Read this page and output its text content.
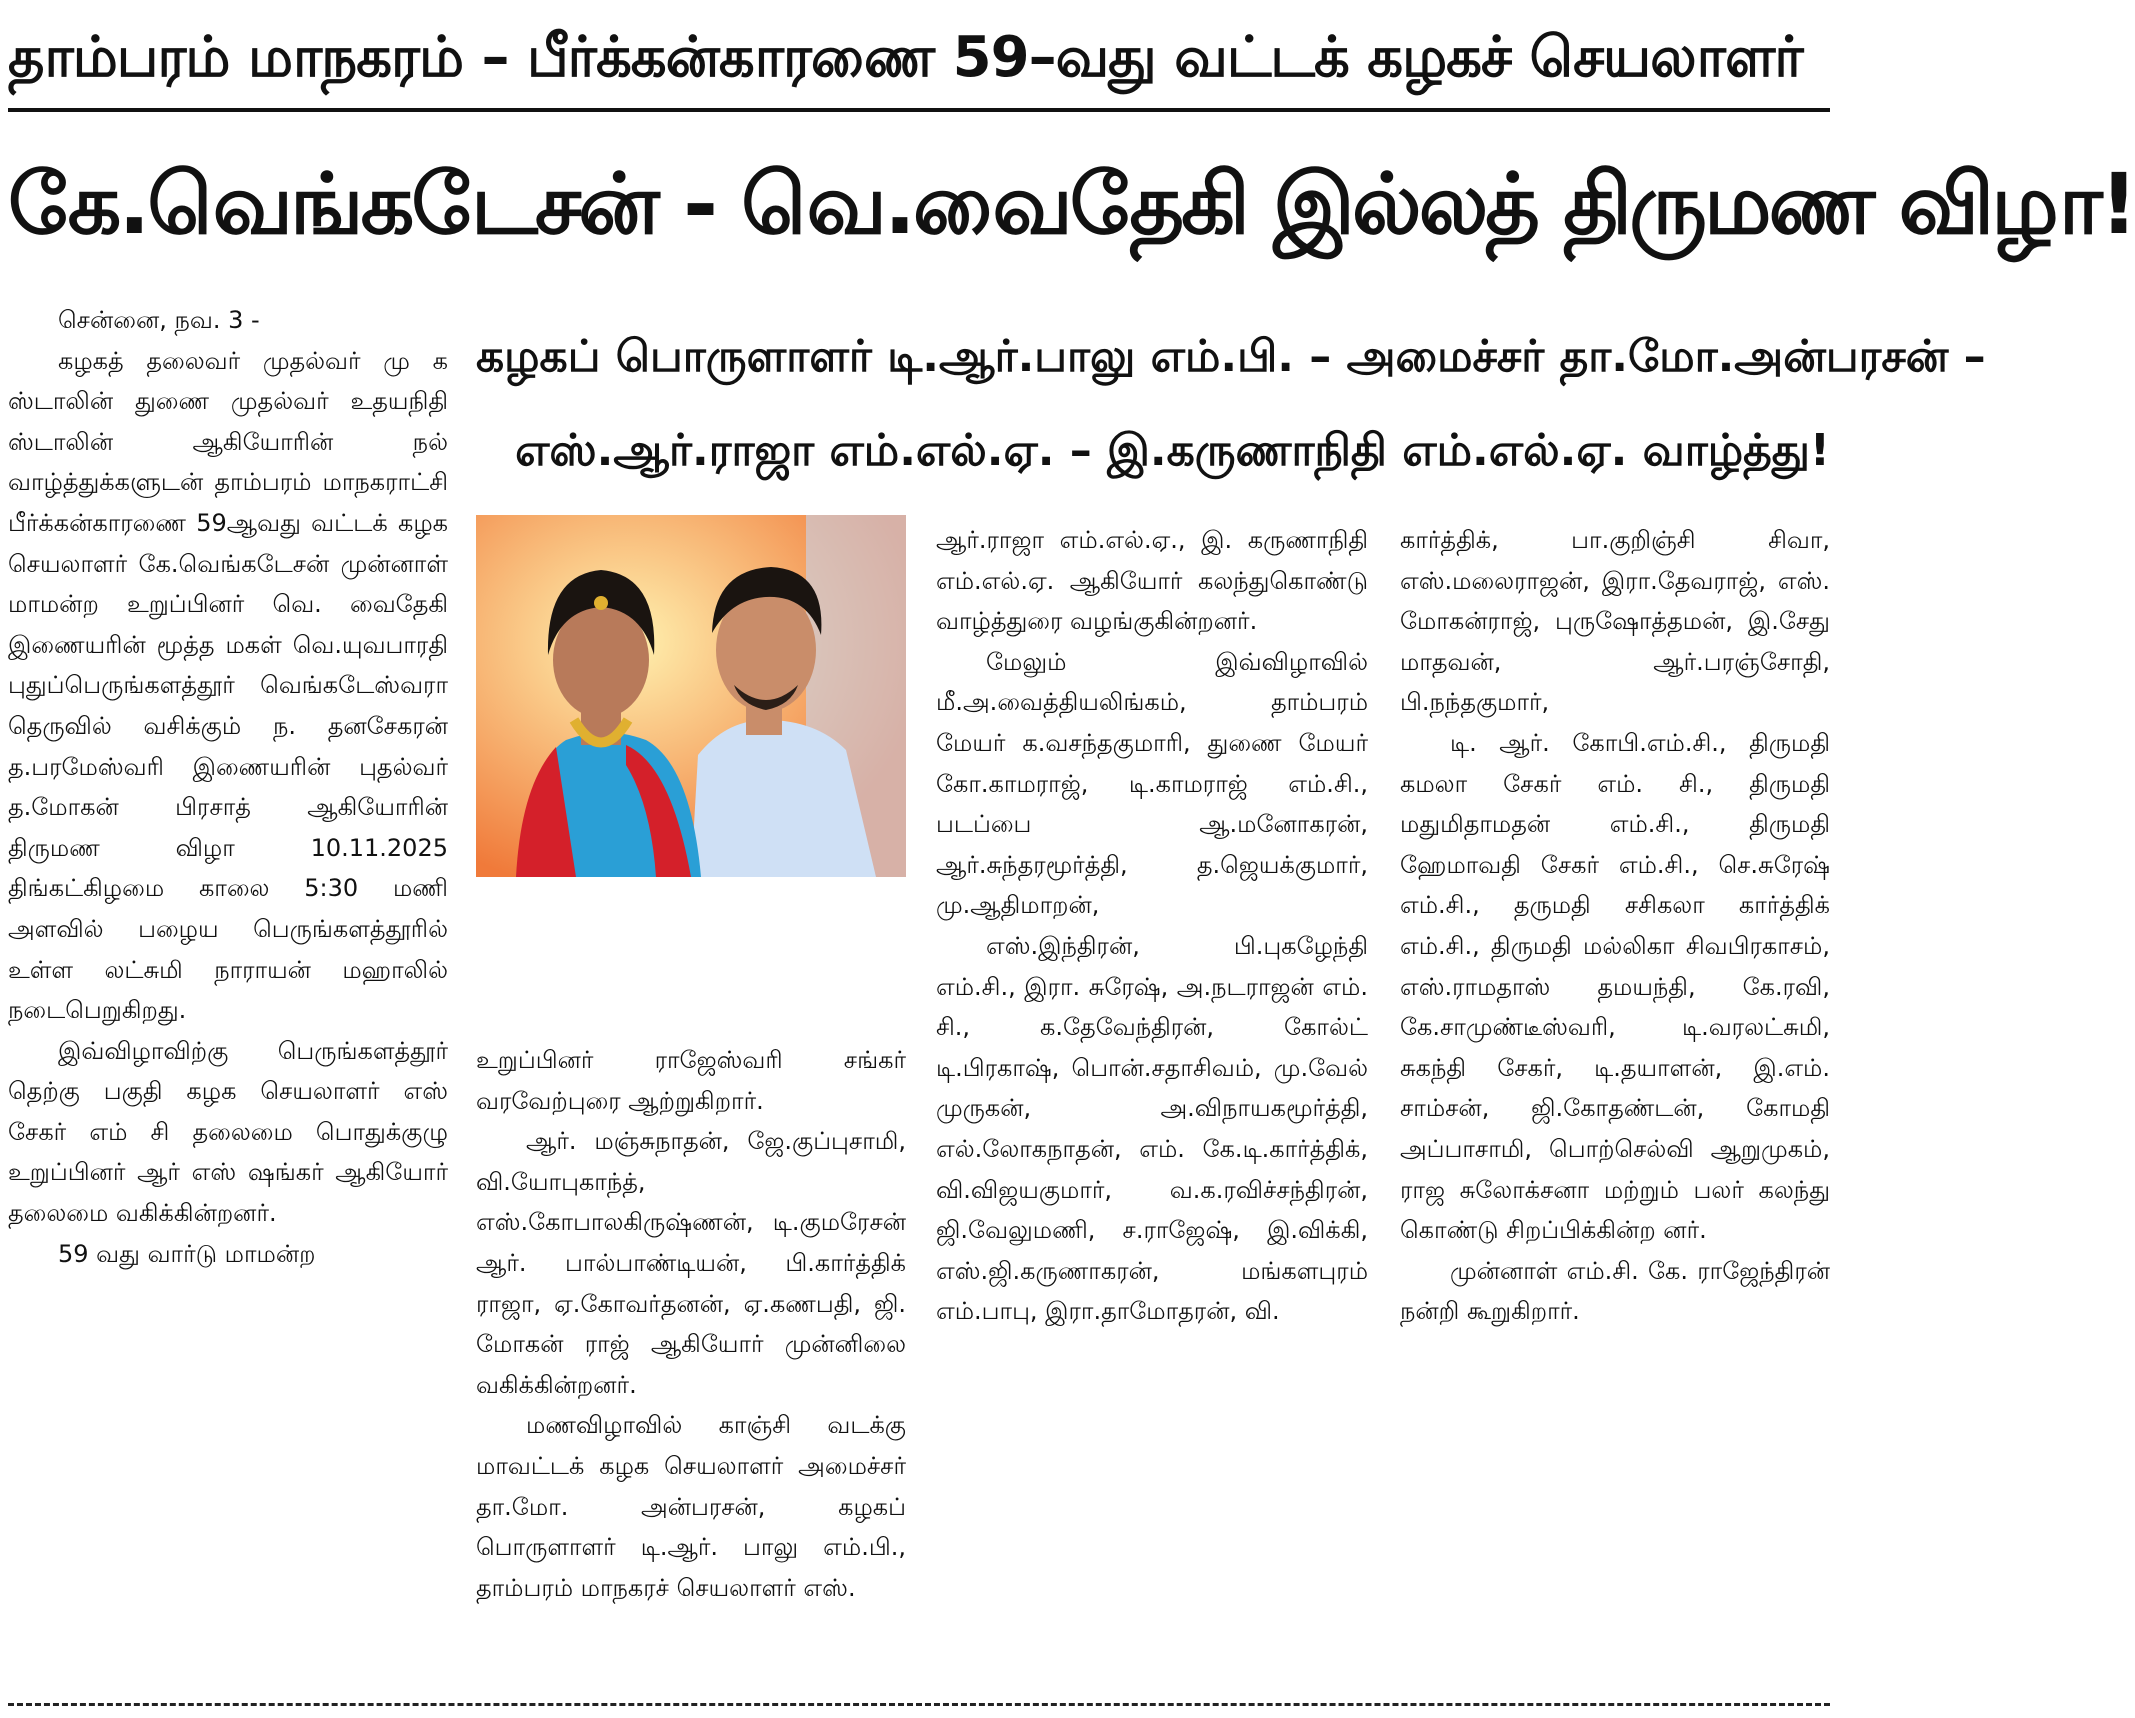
தாம்பரம் மாநகரம் – பீர்க்கன்காரணை 59–வது வட்டக் கழகச் செயலாளர்
கே.வெங்கடேசன் - வெ.வைதேகி இல்லத் திருமண விழா!
கழகப் பொருளாளர் டி.ஆர்.பாலு எம்.பி. – அமைச்சர் தா.மோ.அன்பரசன் –
எஸ்.ஆர்.ராஜா எம்.எல்.ஏ. – இ.கருணாநிதி எம்.எல்.ஏ. வாழ்த்து!

சென்னை, நவ. 3 -

கழகத் தலைவர் முதல்வர் மு க ஸ்டாலின் துணை முதல்வர் உதயநிதி ஸ்டாலின் ஆகியோரின் நல் வாழ்த்துக்களுடன் தாம்பரம் மாநகராட்சி பீர்க்கன்காரணை 59ஆவது வட்டக் கழக செயலாளர் கே.வெங்கடேசன் முன்னாள் மாமன்ற உறுப்பினர் வெ. வைதேகி இணையரின் மூத்த மகள் வெ.யுவபாரதி புதுப்பெருங்களத்தூர் வெங்கடேஸ்வரா தெருவில் வசிக்கும் ந. தனசேகரன் த.பரமேஸ்வரி இணையரின் புதல்வர் த.மோகன் பிரசாத் ஆகியோரின் திருமண விழா 10.11.2025 திங்கட்கிழமை காலை 5:30 மணி அளவில் பழைய பெருங்களத்தூரில் உள்ள லட்சுமி நாராயன் மஹாலில் நடைபெறுகிறது.

இவ்விழாவிற்கு பெருங்களத்தூர் தெற்கு பகுதி கழக செயலாளர் எஸ் சேகர் எம் சி தலைமை பொதுக்குழு உறுப்பினர் ஆர் எஸ் ஷங்கர் ஆகியோர் தலைமை வகிக்கின்றனர்.

59 வது வார்டு மாமன்ற

உறுப்பினர் ராஜேஸ்வரி சங்கர் வரவேற்புரை ஆற்றுகிறார்.

ஆர். மஞ்சுநாதன், ஜே.குப்புசாமி, வி.யோபுகாந்த், எஸ்.கோபாலகிருஷ்ணன், டி.குமரேசன் ஆர். பால்பாண்டியன், பி.கார்த்திக் ராஜா, ஏ.கோவர்தனன், ஏ.கணபதி, ஜி. மோகன் ராஜ் ஆகியோர் முன்னிலை வகிக்கின்றனர்.

மணவிழாவில் காஞ்சி வடக்கு மாவட்டக் கழக செயலாளர் அமைச்சர் தா.மோ. அன்பரசன், கழகப் பொருளாளர் டி.ஆர். பாலு எம்.பி., தாம்பரம் மாநகரச் செயலாளர் எஸ்.

ஆர்.ராஜா எம்.எல்.ஏ., இ. கருணாநிதி எம்.எல்.ஏ. ஆகியோர் கலந்துகொண்டு வாழ்த்துரை வழங்குகின்றனர்.

மேலும் இவ்விழாவில் மீ.அ.வைத்தியலிங்கம், தாம்பரம் மேயர் க.வசந்தகுமாரி, துணை மேயர் கோ.காமராஜ், டி.காமராஜ் எம்.சி., படப்பை ஆ.மனோகரன், ஆர்.சுந்தரமூர்த்தி, த.ஜெயக்குமார், மு.ஆதிமாறன்,

எஸ்.இந்திரன், பி.புகழேந்தி எம்.சி., இரா. சுரேஷ், அ.நடராஜன் எம். சி., க.தேவேந்திரன், கோல்ட் டி.பிரகாஷ், பொன்.சதாசிவம், மு.வேல் முருகன், அ.விநாயகமூர்த்தி, எல்.லோகநாதன், எம். கே.டி.கார்த்திக், வி.விஜயகுமார், வ.க.ரவிச்சந்திரன், ஜி.வேலுமணி, ச.ராஜேஷ், இ.விக்கி, எஸ்.ஜி.கருணாகரன், மங்களபுரம் எம்.பாபு, இரா.தாமோதரன், வி.

கார்த்திக், பா.குறிஞ்சி சிவா, எஸ்.மலைராஜன், இரா.தேவராஜ், எஸ். மோகன்ராஜ், புருஷோத்தமன், இ.சேது மாதவன், ஆர்.பரஞ்சோதி, பி.நந்தகுமார்,

டி. ஆர். கோபி.எம்.சி., திருமதி கமலா சேகர் எம். சி., திருமதி மதுமிதாமதன் எம்.சி., திருமதி ஹேமாவதி சேகர் எம்.சி., செ.சுரேஷ் எம்.சி., தருமதி சசிகலா கார்த்திக் எம்.சி., திருமதி மல்லிகா சிவபிரகாசம், எஸ்.ராமதாஸ் தமயந்தி, கே.ரவி, கே.சாமுண்டீஸ்வரி, டி.வரலட்சுமி, சுகந்தி சேகர், டி.தயாளன், இ.எம். சாம்சன், ஜி.கோதண்டன், கோமதி அப்பாசாமி, பொற்செல்வி ஆறுமுகம், ராஜ சுலோக்சனா மற்றும் பலர் கலந்து கொண்டு சிறப்பிக்கின்ற னர்.

முன்னாள் எம்.சி. கே. ராஜேந்திரன் நன்றி கூறுகிறார்.
